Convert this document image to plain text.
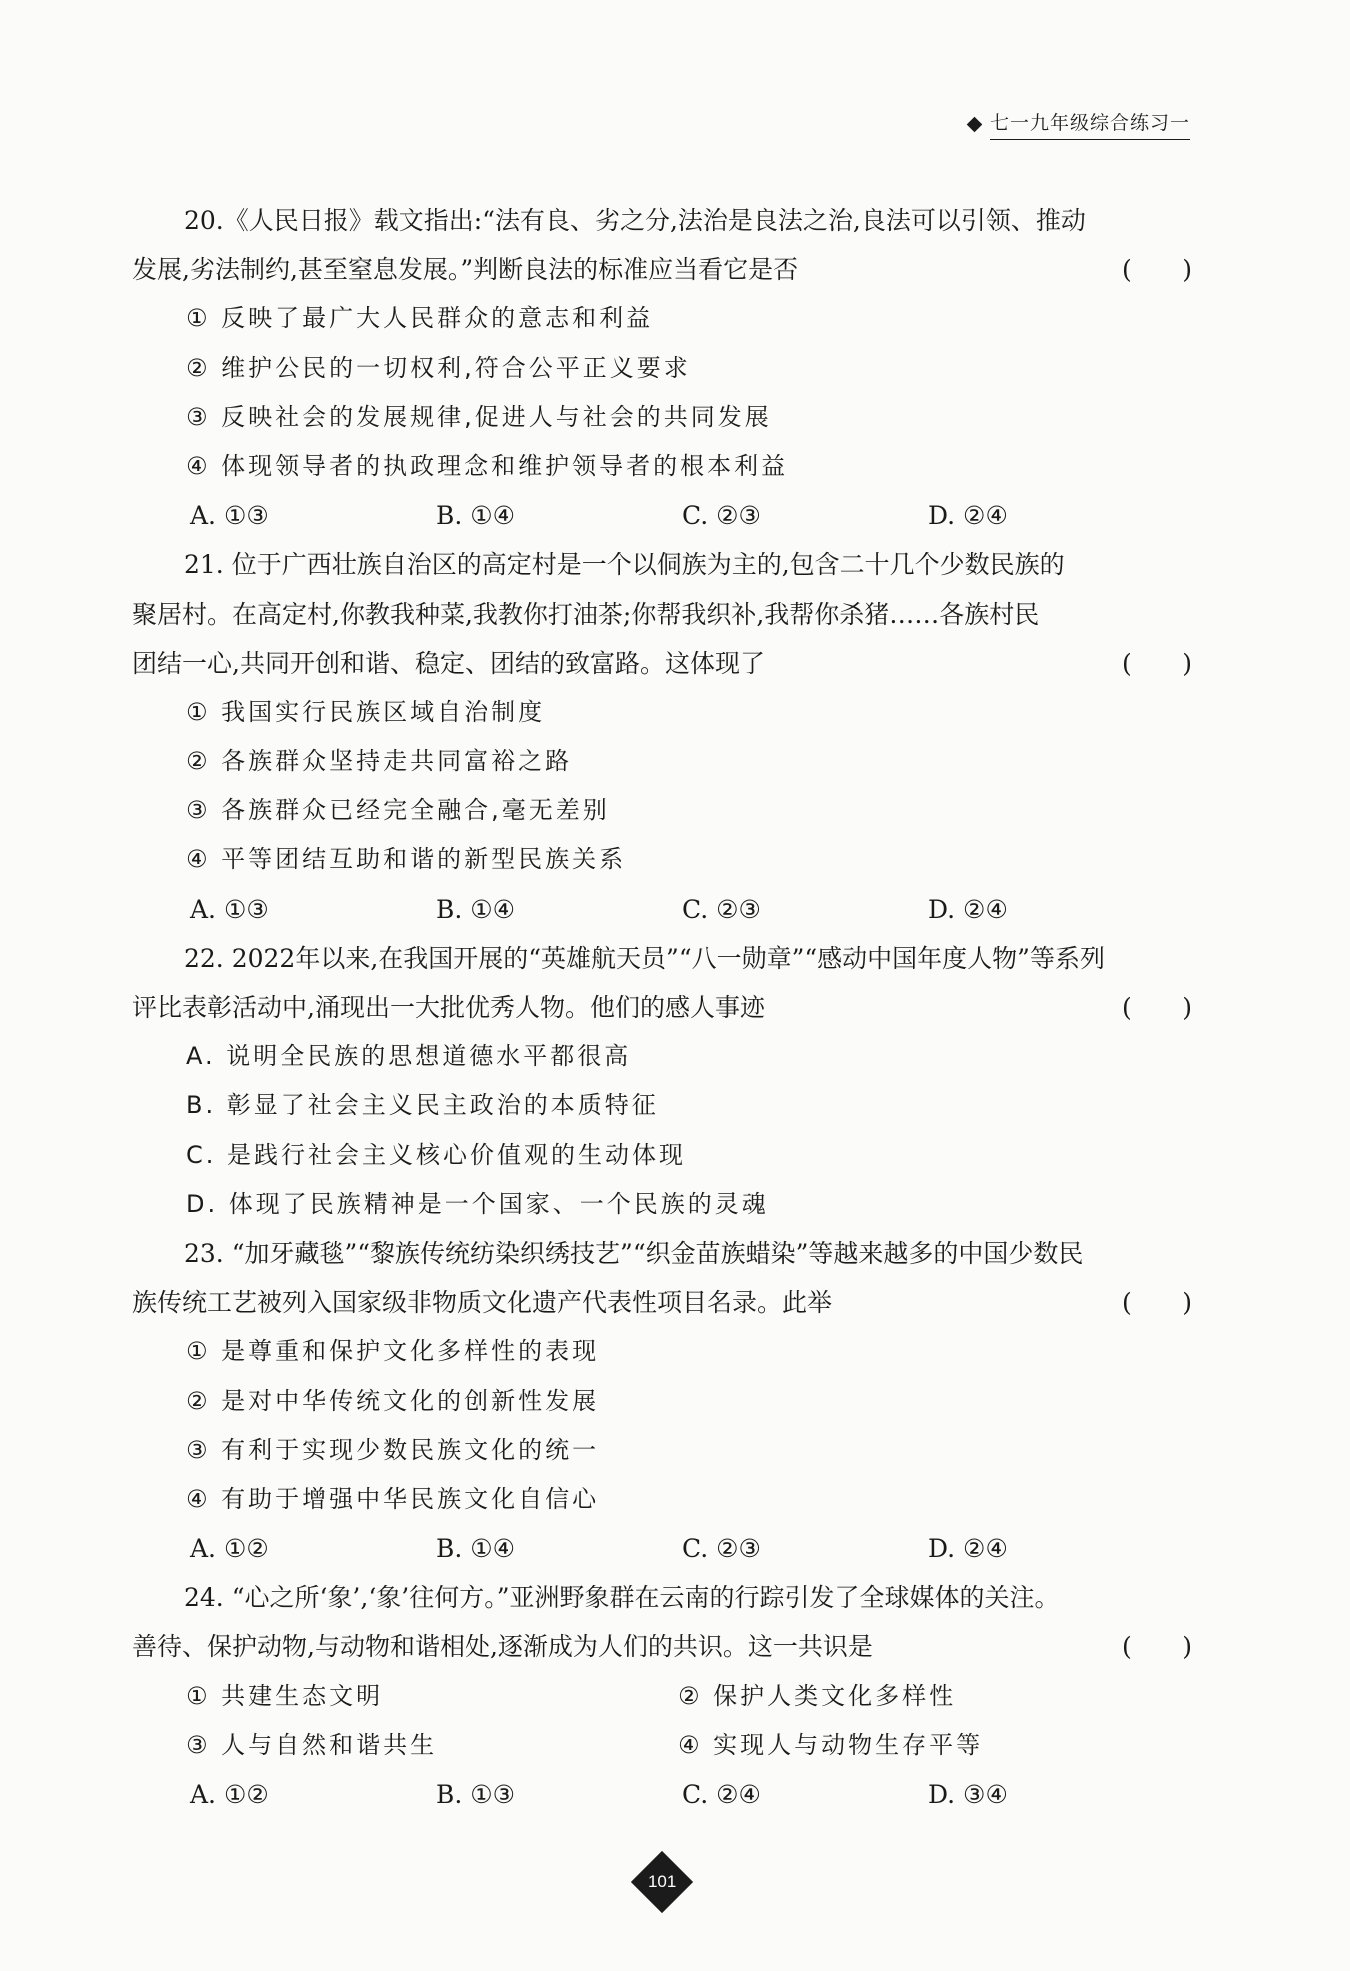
七一九年级综合练习一
20.《人民日报》载文指出:“法有良、劣之分,法治是良法之治,良法可以引领、推动
发展,劣法制约,甚至窒息发展。”判断良法的标准应当看它是否	( )
① 反映了最广大人民群众的意志和利益
② 维护公民的一切权利,符合公平正义要求
③ 反映社会的发展规律,促进人与社会的共同发展
④ 体现领导者的执政理念和维护领导者的根本利益
A. ①③	B. ①④	C. ②③	D. ②④
21. 位于广西壮族自治区的高定村是一个以侗族为主的,包含二十几个少数民族的
聚居村。在高定村,你教我种菜,我教你打油茶;你帮我织补,我帮你杀猪……各族村民
团结一心,共同开创和谐、稳定、团结的致富路。这体现了	( )
① 我国实行民族区域自治制度
② 各族群众坚持走共同富裕之路
③ 各族群众已经完全融合,毫无差别
④ 平等团结互助和谐的新型民族关系
A. ①③	B. ①④	C. ②③	D. ②④
22. 2022年以来,在我国开展的“英雄航天员”“八一勋章”“感动中国年度人物”等系列
评比表彰活动中,涌现出一大批优秀人物。他们的感人事迹	( )
A. 说明全民族的思想道德水平都很高
B. 彰显了社会主义民主政治的本质特征
C. 是践行社会主义核心价值观的生动体现
D. 体现了民族精神是一个国家、一个民族的灵魂
23. “加牙藏毯”“黎族传统纺染织绣技艺”“织金苗族蜡染”等越来越多的中国少数民
族传统工艺被列入国家级非物质文化遗产代表性项目名录。此举	( )
① 是尊重和保护文化多样性的表现
② 是对中华传统文化的创新性发展
③ 有利于实现少数民族文化的统一
④ 有助于增强中华民族文化自信心
A. ①②	B. ①④	C. ②③	D. ②④
24. “心之所‘象’,‘象’往何方。”亚洲野象群在云南的行踪引发了全球媒体的关注。
善待、保护动物,与动物和谐相处,逐渐成为人们的共识。这一共识是	( )
① 共建生态文明	② 保护人类文化多样性
③ 人与自然和谐共生	④ 实现人与动物生存平等
A. ①②	B. ①③	C. ②④	D. ③④
101
